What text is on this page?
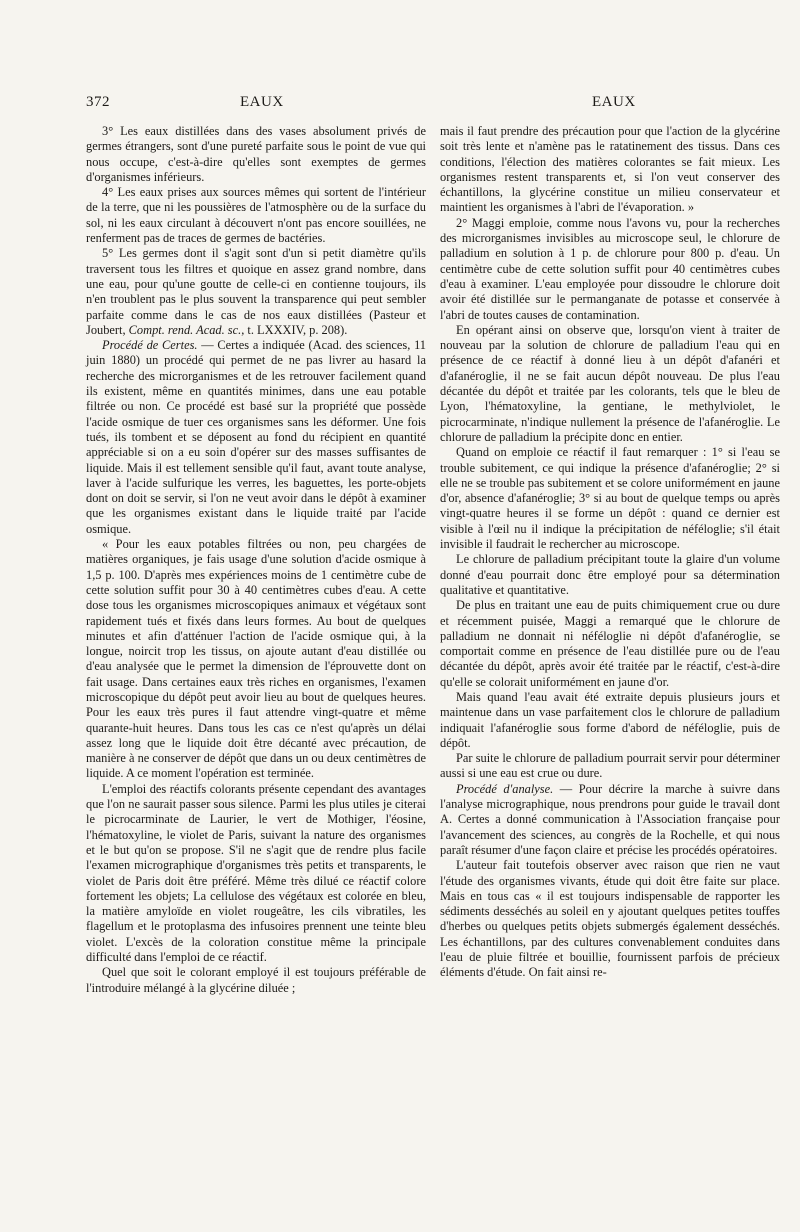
372	EAUX	EAUX

3° Les eaux distillées dans des vases absolument privés de germes étrangers, sont d'une pureté parfaite sous le point de vue qui nous occupe, c'est-à-dire qu'elles sont exemptes de germes d'organismes inférieurs.

4° Les eaux prises aux sources mêmes qui sortent de l'intérieur de la terre, que ni les poussières de l'atmosphère ou de la surface du sol, ni les eaux circulant à découvert n'ont pas encore souillées, ne renferment pas de traces de germes de bactéries.

5° Les germes dont il s'agit sont d'un si petit diamètre qu'ils traversent tous les filtres et quoique en assez grand nombre, dans une eau, pour qu'une goutte de celle-ci en contienne toujours, ils n'en troublent pas le plus souvent la transparence qui peut sembler parfaite comme dans le cas de nos eaux distillées (Pasteur et Joubert, Compt. rend. Acad. sc., t. LXXXIV, p. 208).

Procédé de Certes. — Certes a indiquée (Acad. des sciences, 11 juin 1880) un procédé qui permet de ne pas livrer au hasard la recherche des microrganismes et de les retrouver facilement quand ils existent, même en quantités minimes, dans une eau potable filtrée ou non. Ce procédé est basé sur la propriété que possède l'acide osmique de tuer ces organismes sans les déformer. Une fois tués, ils tombent et se déposent au fond du récipient en quantité appréciable si on a eu soin d'opérer sur des masses suffisantes de liquide. Mais il est tellement sensible qu'il faut, avant toute analyse, laver à l'acide sulfurique les verres, les baguettes, les porte-objets dont on doit se servir, si l'on ne veut avoir dans le dépôt à examiner que les organismes existant dans le liquide traité par l'acide osmique.

« Pour les eaux potables filtrées ou non, peu chargées de matières organiques, je fais usage d'une solution d'acide osmique à 1,5 p. 100. D'après mes expériences moins de 1 centimètre cube de cette solution suffit pour 30 à 40 centimètres cubes d'eau. A cette dose tous les organismes microscopiques animaux et végétaux sont rapidement tués et fixés dans leurs formes. Au bout de quelques minutes et afin d'atténuer l'action de l'acide osmique qui, à la longue, noircit trop les tissus, on ajoute autant d'eau distillée ou d'eau analysée que le permet la dimension de l'éprouvette dont on fait usage. Dans certaines eaux très riches en organismes, l'examen microscopique du dépôt peut avoir lieu au bout de quelques heures. Pour les eaux très pures il faut attendre vingt-quatre et même quarante-huit heures. Dans tous les cas ce n'est qu'après un délai assez long que le liquide doit être décanté avec précaution, de manière à ne conserver de dépôt que dans un ou deux centimètres de liquide. A ce moment l'opération est terminée.

L'emploi des réactifs colorants présente cependant des avantages que l'on ne saurait passer sous silence. Parmi les plus utiles je citerai le picrocarminate de Laurier, le vert de Mothiger, l'éosine, l'hématoxyline, le violet de Paris, suivant la nature des organismes et le but qu'on se propose. S'il ne s'agit que de rendre plus facile l'examen micrographique d'organismes très petits et transparents, le violet de Paris doit être préféré. Même très dilué ce réactif colore fortement les objets; La cellulose des végétaux est colorée en bleu, la matière amyloïde en violet rougeâtre, les cils vibratiles, les flagellum et le protoplasma des infusoires prennent une teinte bleu violet. L'excès de la coloration constitue même la principale difficulté dans l'emploi de ce réactif.

Quel que soit le colorant employé il est toujours préférable de l'introduire mélangé à la glycérine diluée ;

mais il faut prendre des précaution pour que l'action de la glycérine soit très lente et n'amène pas le ratatinement des tissus. Dans ces conditions, l'élection des matières colorantes se fait mieux. Les organismes restent transparents et, si l'on veut conserver des échantillons, la glycérine constitue un milieu conservateur et maintient les organismes à l'abri de l'évaporation. »

2° Maggi emploie, comme nous l'avons vu, pour la recherches des microrganismes invisibles au microscope seul, le chlorure de palladium en solution à 1 p. de chlorure pour 800 p. d'eau. Un centimètre cube de cette solution suffit pour 40 centimètres cubes d'eau à examiner. L'eau employée pour dissoudre le chlorure doit avoir été distillée sur le permanganate de potasse et conservée à l'abri de toutes causes de contamination.

En opérant ainsi on observe que, lorsqu'on vient à traiter de nouveau par la solution de chlorure de palladium l'eau qui en présence de ce réactif à donné lieu à un dépôt d'afanéri et d'afanéroglie, il ne se fait aucun dépôt nouveau. De plus l'eau décantée du dépôt et traitée par les colorants, tels que le bleu de Lyon, l'hématoxyline, la gentiane, le methylviolet, le picrocarminate, n'indique nullement la présence de l'afanéroglie. Le chlorure de palladium la précipite donc en entier.

Quand on emploie ce réactif il faut remarquer : 1° si l'eau se trouble subitement, ce qui indique la présence d'afanéroglie; 2° si elle ne se trouble pas subitement et se colore uniformément en jaune d'or, absence d'afanéroglie; 3° si au bout de quelque temps ou après vingt-quatre heures il se forme un dépôt : quand ce dernier est visible à l'œil nu il indique la précipitation de néféloglie; s'il était invisible il faudrait le rechercher au microscope.

Le chlorure de palladium précipitant toute la glaire d'un volume donné d'eau pourrait donc être employé pour sa détermination qualitative et quantitative.

De plus en traitant une eau de puits chimiquement crue ou dure et récemment puisée, Maggi a remarqué que le chlorure de palladium ne donnait ni néféloglie ni dépôt d'afanéroglie, se comportait comme en présence de l'eau distillée pure ou de l'eau décantée du dépôt, après avoir été traitée par le réactif, c'est-à-dire qu'elle se colorait uniformément en jaune d'or.

Mais quand l'eau avait été extraite depuis plusieurs jours et maintenue dans un vase parfaitement clos le chlorure de palladium indiquait l'afanéroglie sous forme d'abord de néféloglie, puis de dépôt.

Par suite le chlorure de palladium pourrait servir pour déterminer aussi si une eau est crue ou dure.

Procédé d'analyse. — Pour décrire la marche à suivre dans l'analyse micrographique, nous prendrons pour guide le travail dont A. Certes a donné communication à l'Association française pour l'avancement des sciences, au congrès de la Rochelle, et qui nous paraît résumer d'une façon claire et précise les procédés opératoires.

L'auteur fait toutefois observer avec raison que rien ne vaut l'étude des organismes vivants, étude qui doit être faite sur place. Mais en tous cas « il est toujours indispensable de rapporter les sédiments desséchés au soleil en y ajoutant quelques petites touffes d'herbes ou quelques petits objets submergés également desséchés. Les échantillons, par des cultures convenablement conduites dans l'eau de pluie filtrée et bouillie, fournissent parfois de précieux éléments d'étude. On fait ainsi re-
